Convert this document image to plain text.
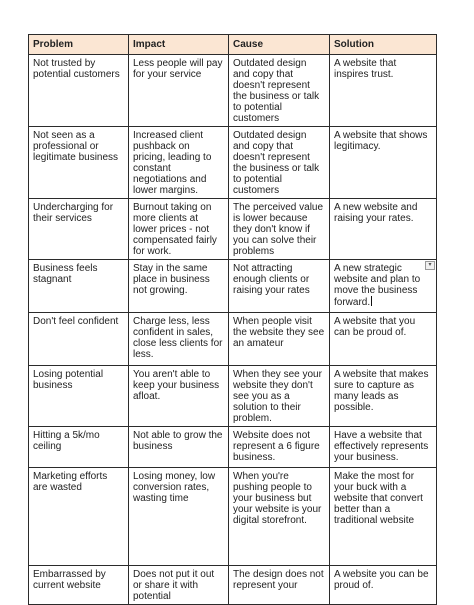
Problem	Impact	Cause	Solution
Not trusted by potential customers	Less people will pay for your service	Outdated design and copy that doesn't represent the business or talk to potential customers	A website that inspires trust.
Not seen as a professional or legitimate business	Increased client pushback on pricing, leading to constant negotiations and lower margins.	Outdated design and copy that doesn't represent the business or talk to potential customers	A website that shows legitimacy.
Undercharging for their services	Burnout taking on more clients at lower prices - not compensated fairly for work.	The perceived value is lower because they don't know if you can solve their problems	A new website and raising your rates.
Business feels stagnant	Stay in the same place in business not growing.	Not attracting enough clients or raising your rates	A new strategic website and plan to move the business forward.
▾

Don't feel confident	Charge less, less confident in sales, close less clients for less.	When people visit the website they see an amateur	A website that you can be proud of.
Losing potential business	You aren't able to keep your business afloat.	When they see your website they don't see you as a solution to their problem.	A website that makes sure to capture as many leads as possible.
Hitting a 5k/mo ceiling	Not able to grow the business	Website does not represent a 6 figure business.	Have a website that effectively represents your business.
Marketing efforts are wasted	Losing money, low conversion rates, wasting time	When you're pushing people to your business but your website is your digital storefront.	Make the most for your buck with a website that convert better than a traditional website
Embarrassed by current website	Does not put it out or share it with potential	The design does not represent your	A website you can be proud of.
